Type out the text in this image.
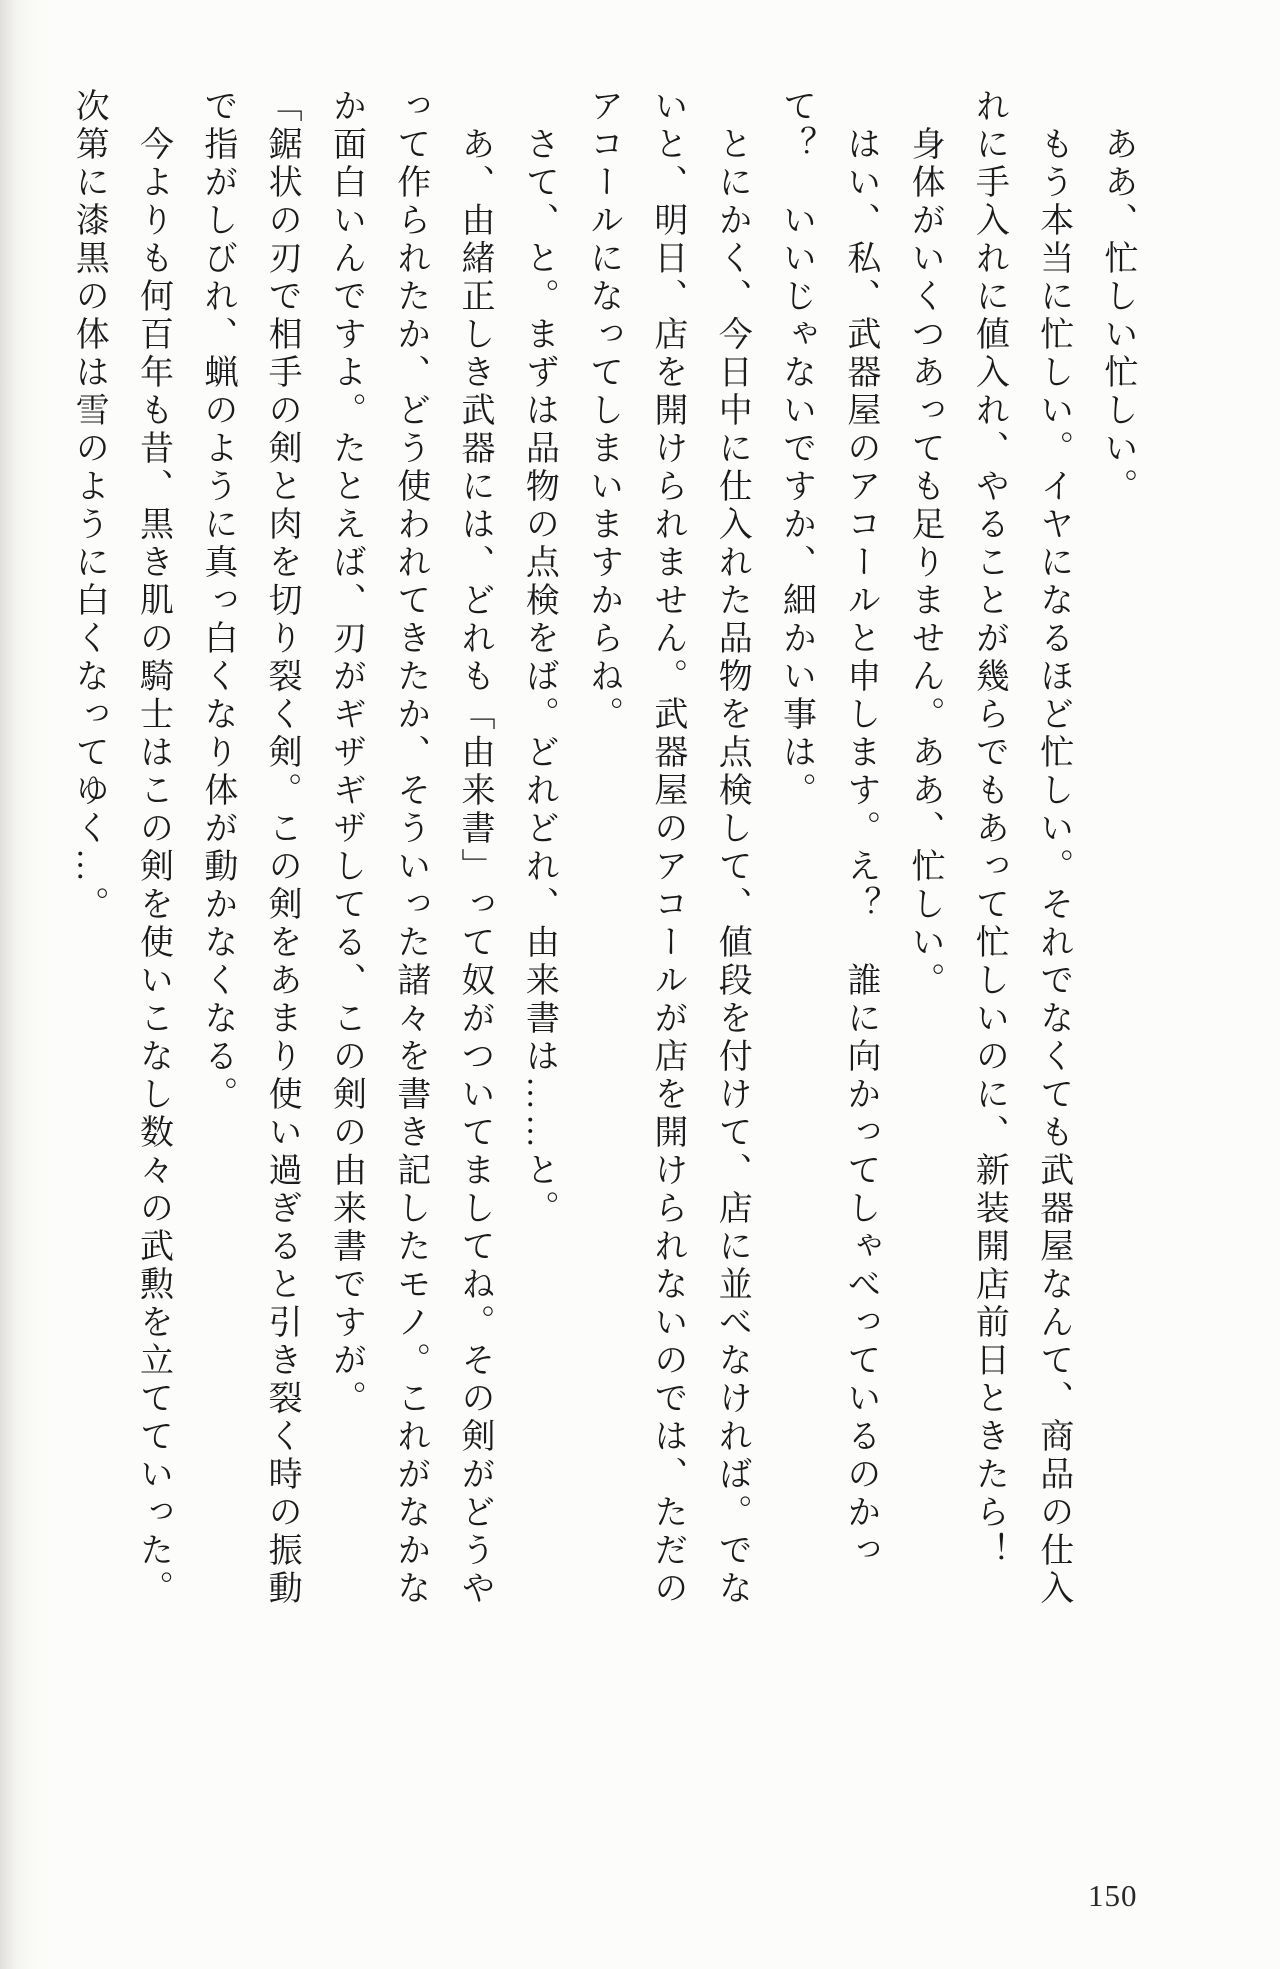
　ああ、忙しい忙しい。
　もう本当に忙しい。イヤになるほど忙しい。それでなくても武器屋なんて、商品の仕入
れに手入れに値入れ、やることが幾らでもあって忙しいのに、新装開店前日ときたら！
　身体がいくつあっても足りません。ああ、忙しい。
　はい、私、武器屋のアコールと申します。え？　誰に向かってしゃべっているのかっ
て？　いいじゃないですか、細かい事は。
　とにかく、今日中に仕入れた品物を点検して、値段を付けて、店に並べなければ。でな
いと、明日、店を開けられません。武器屋のアコールが店を開けられないのでは、ただの
アコールになってしまいますからね。
　さて、と。まずは品物の点検をば。どれどれ、由来書は……と。
　あ、由緒正しき武器には、どれも「由来書」って奴がついてましてね。その剣がどうや
って作られたか、どう使われてきたか、そういった諸々を書き記したモノ。これがなかな
か面白いんですよ。たとえば、刃がギザギザしてる、この剣の由来書ですが。
「鋸状の刃で相手の剣と肉を切り裂く剣。この剣をあまり使い過ぎると引き裂く時の振動
で指がしびれ、蝋のように真っ白くなり体が動かなくなる。
　今よりも何百年も昔、黒き肌の騎士はこの剣を使いこなし数々の武勲を立てていった。
次第に漆黒の体は雪のように白くなってゆく…。
150
